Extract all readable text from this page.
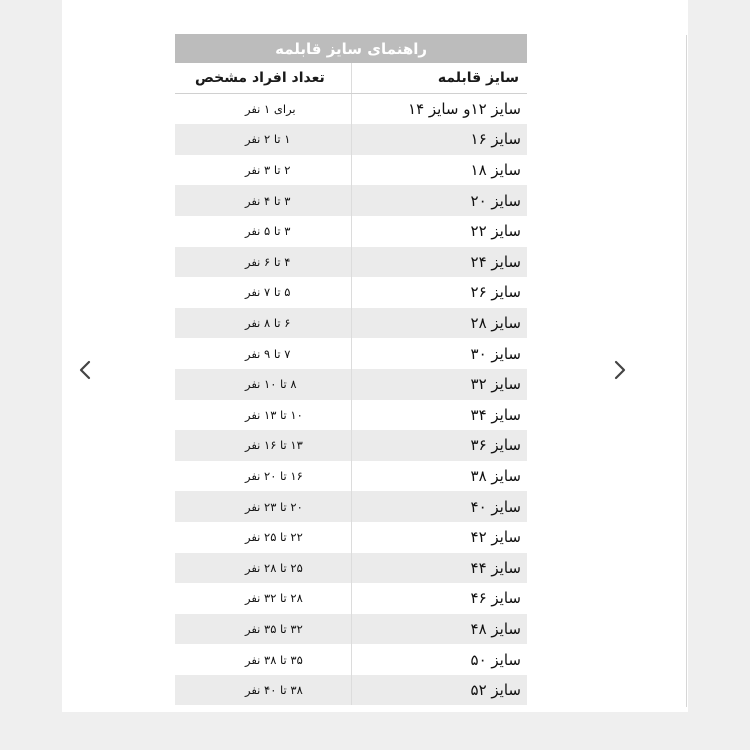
راهنمای سایز قابلمه	
سایز قابلمه	تعداد افراد مشخص
سایز ۱۲و سایز ۱۴	برای ۱ نفر
سایز ۱۶	۱ تا ۲ نفر
سایز ۱۸	۲ تا ۳ نفر
سایز ۲۰	۳ تا ۴ نفر
سایز ۲۲	۳ تا ۵ نفر
سایز ۲۴	۴ تا ۶ نفر
سایز ۲۶	۵ تا ۷ نفر
سایز ۲۸	۶ تا ۸ نفر
سایز ۳۰	۷ تا ۹ نفر
سایز ۳۲	۸ تا ۱۰ نفر
سایز ۳۴	۱۰ تا ۱۳ نفر
سایز ۳۶	۱۳ تا ۱۶ نفر
سایز ۳۸	۱۶ تا ۲۰ نفر
سایز ۴۰	۲۰ تا ۲۳ نفر
سایز ۴۲	۲۲ تا ۲۵ نفر
سایز ۴۴	۲۵ تا ۲۸ نفر
سایز ۴۶	۲۸ تا ۳۲ نفر
سایز ۴۸	۳۲ تا ۳۵ نفر
سایز ۵۰	۳۵ تا ۳۸ نفر
سایز ۵۲	۳۸ تا ۴۰ نفر
